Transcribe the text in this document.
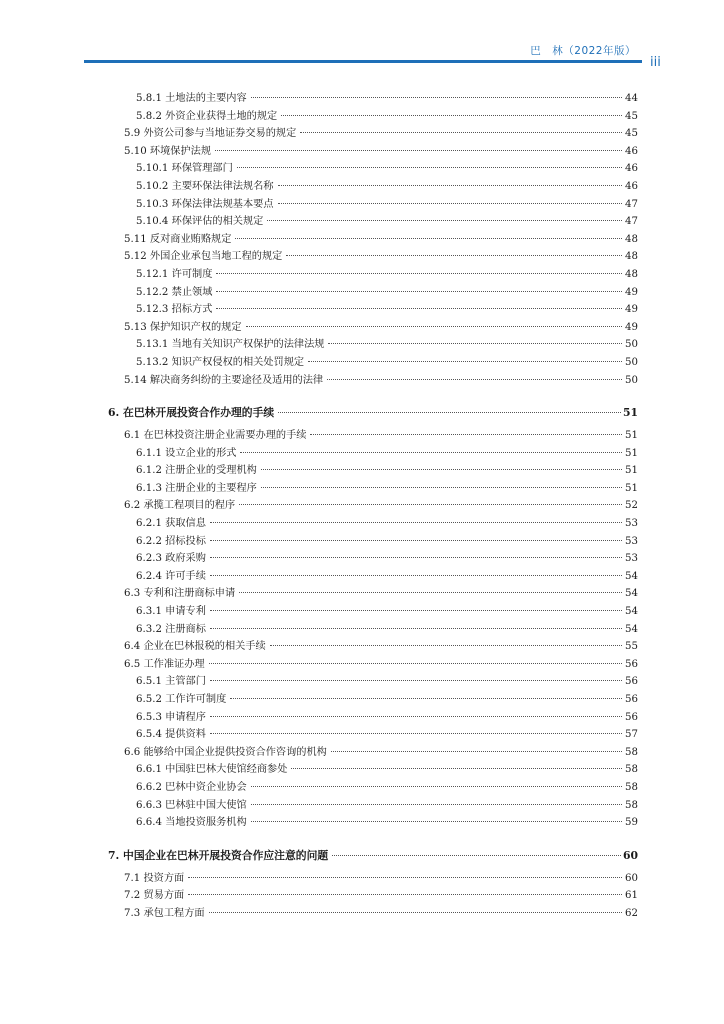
巴　林（2022年版）
iii
5.8.1 土地法的主要内容	44
5.8.2 外资企业获得土地的规定	45
5.9 外资公司参与当地证券交易的规定	45
5.10 环境保护法规	46
5.10.1 环保管理部门	46
5.10.2 主要环保法律法规名称	46
5.10.3 环保法律法规基本要点	47
5.10.4 环保评估的相关规定	47
5.11 反对商业贿赂规定	48
5.12 外国企业承包当地工程的规定	48
5.12.1 许可制度	48
5.12.2 禁止领域	49
5.12.3 招标方式	49
5.13 保护知识产权的规定	49
5.13.1 当地有关知识产权保护的法律法规	50
5.13.2 知识产权侵权的相关处罚规定	50
5.14 解决商务纠纷的主要途径及适用的法律	50
6. 在巴林开展投资合作办理的手续	51
6.1 在巴林投资注册企业需要办理的手续	51
6.1.1 设立企业的形式	51
6.1.2 注册企业的受理机构	51
6.1.3 注册企业的主要程序	51
6.2 承揽工程项目的程序	52
6.2.1 获取信息	53
6.2.2 招标投标	53
6.2.3 政府采购	53
6.2.4 许可手续	54
6.3 专利和注册商标申请	54
6.3.1 申请专利	54
6.3.2 注册商标	54
6.4 企业在巴林报税的相关手续	55
6.5 工作准证办理	56
6.5.1 主管部门	56
6.5.2 工作许可制度	56
6.5.3 申请程序	56
6.5.4 提供资料	57
6.6 能够给中国企业提供投资合作咨询的机构	58
6.6.1 中国驻巴林大使馆经商参处	58
6.6.2 巴林中资企业协会	58
6.6.3 巴林驻中国大使馆	58
6.6.4 当地投资服务机构	59
7. 中国企业在巴林开展投资合作应注意的问题	60
7.1 投资方面	60
7.2 贸易方面	61
7.3 承包工程方面	62
